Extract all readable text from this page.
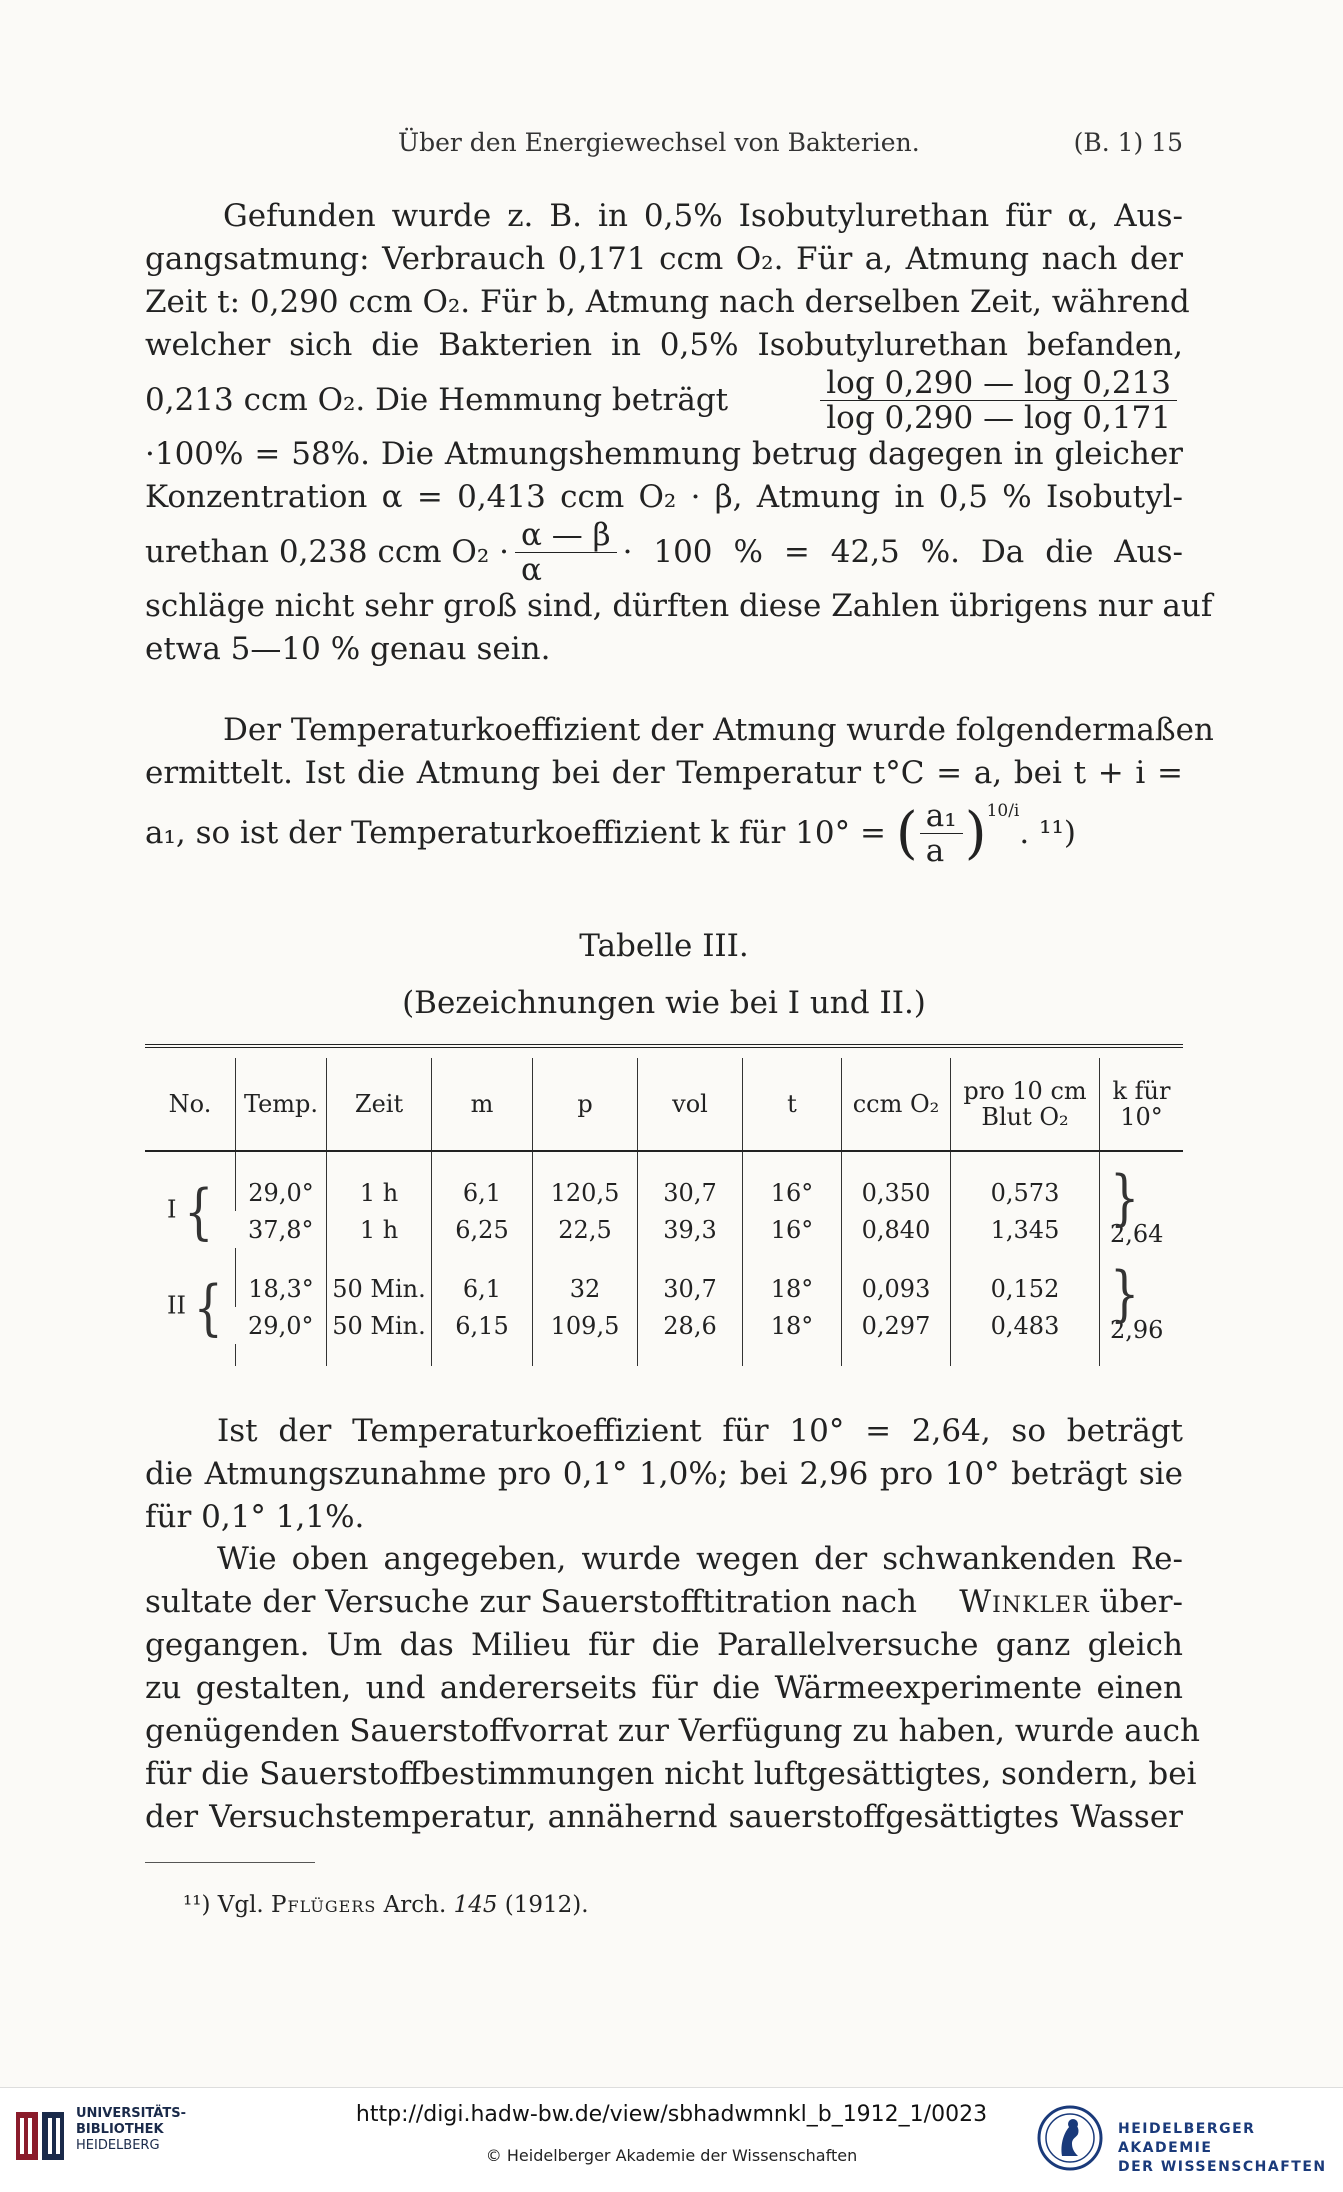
Über den Energiewechsel von Bakterien.	(B. 1) 15
Gefunden wurde z. B. in 0,5% Isobutylurethan für α, Aus-
gangsatmung: Verbrauch 0,171 ccm O₂. Für a, Atmung nach der
Zeit t: 0,290 ccm O₂. Für b, Atmung nach derselben Zeit, während
welcher sich die Bakterien in 0,5% Isobutylurethan befanden,
0,213 ccm O₂. Die Hemmung beträgt	$\frac{\log 0,290 — \log 0,213}{\log 0,290 — \log 0,171}$
·100% = 58%. Die Atmungshemmung betrug dagegen in gleicher
Konzentration α = 0,413 ccm O₂ · β, Atmung in 0,5 % Isobutyl-
urethan 0,238 ccm $O_2 \cdot \frac{\alpha — \beta}{\alpha} \cdot 100$ % = 42,5 %. Da die Aus-
schläge nicht sehr groß sind, dürften diese Zahlen übrigens nur auf
etwa 5—10 % genau sein.
Der Temperaturkoeffizient der Atmung wurde folgendermaßen
ermittelt. Ist die Atmung bei der Temperatur t°C = a, bei t + i =
a₁, so ist der Temperaturkoeffizient k für 10° = ( $\frac{\text{a₁}}{a}$ ) 10/i
. ¹¹)
Tabelle III.
(Bezeichnungen wie bei I und II.)
No.	Temp.	Zeit	m	p	vol	t	ccm O₂	pro 10 cm Blut O₂	k für 10°

I {	29,0°	1 h	6,1	120,5	30,7	16°	0,350	0,573	}2,64
	37,8°	1 h	6,25	22,5	39,3	16°	0,840	1,345	

II {	18,3°	50 Min.	6,1	32	30,7	18°	0,093	0,152	}2,96
	29,0°	50 Min.	6,15	109,5	28,6	18°	0,297	0,483	

Ist der Temperaturkoeffizient für 10° = 2,64, so beträgt
die Atmungszunahme pro 0,1° 1,0%; bei 2,96 pro 10° beträgt sie
für 0,1° 1,1%.
Wie oben angegeben, wurde wegen der schwankenden Re-
sultate der Versuche zur Sauerstofftitration nach Winkler über-
gegangen. Um das Milieu für die Parallelversuche ganz gleich
zu gestalten, und andererseits für die Wärmeexperimente einen
genügenden Sauerstoffvorrat zur Verfügung zu haben, wurde auch
für die Sauerstoffbestimmungen nicht luftgesättigtes, sondern, bei
der Versuchstemperatur, annähernd sauerstoffgesättigtes Wasser
¹¹) Vgl. Pflügers Arch. 145 (1912).
UNIVERSITÄTS-
BIBLIOTHEK
HEIDELBERG
http://digi.hadw-bw.de/view/sbhadwmnkl_b_1912_1/0023
© Heidelberger Akademie der Wissenschaften
HEIDELBERGER AKADEMIE
DER WISSENSCHAFTEN
